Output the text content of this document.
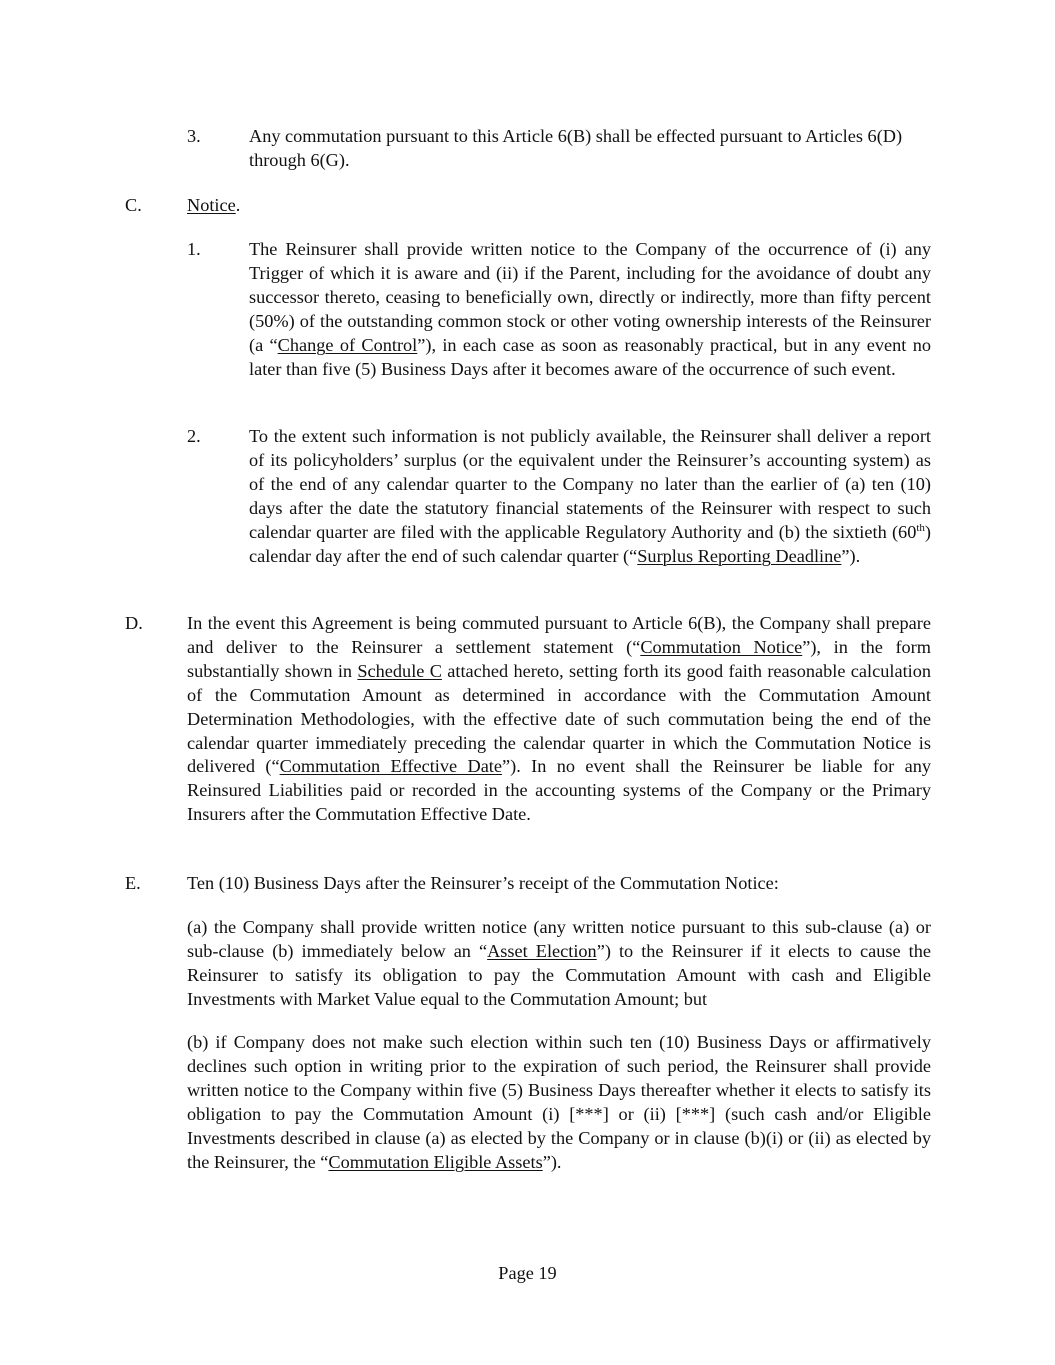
3.	Any commutation pursuant to this Article 6(B) shall be effected pursuant to Articles 6(D) through 6(G).
C. Notice.
1.	The Reinsurer shall provide written notice to the Company of the occurrence of (i) any Trigger of which it is aware and (ii) if the Parent, including for the avoidance of doubt any successor thereto, ceasing to beneficially own, directly or indirectly, more than fifty percent (50%) of the outstanding common stock or other voting ownership interests of the Reinsurer (a “Change of Control”), in each case as soon as reasonably practical, but in any event no later than five (5) Business Days after it becomes aware of the occurrence of such event.
2.	To the extent such information is not publicly available, the Reinsurer shall deliver a report of its policyholders’ surplus (or the equivalent under the Reinsurer’s accounting system) as of the end of any calendar quarter to the Company no later than the earlier of (a) ten (10) days after the date the statutory financial statements of the Reinsurer with respect to such calendar quarter are filed with the applicable Regulatory Authority and (b) the sixtieth (60th) calendar day after the end of such calendar quarter (“Surplus Reporting Deadline”).
D. In the event this Agreement is being commuted pursuant to Article 6(B), the Company shall prepare and deliver to the Reinsurer a settlement statement (“Commutation Notice”), in the form substantially shown in Schedule C attached hereto, setting forth its good faith reasonable calculation of the Commutation Amount as determined in accordance with the Commutation Amount Determination Methodologies, with the effective date of such commutation being the end of the calendar quarter immediately preceding the calendar quarter in which the Commutation Notice is delivered (“Commutation Effective Date”). In no event shall the Reinsurer be liable for any Reinsured Liabilities paid or recorded in the accounting systems of the Company or the Primary Insurers after the Commutation Effective Date.
E.	Ten (10) Business Days after the Reinsurer’s receipt of the Commutation Notice:
(a) the Company shall provide written notice (any written notice pursuant to this sub-clause (a) or sub-clause (b) immediately below an “Asset Election”) to the Reinsurer if it elects to cause the Reinsurer to satisfy its obligation to pay the Commutation Amount with cash and Eligible Investments with Market Value equal to the Commutation Amount; but
(b) if Company does not make such election within such ten (10) Business Days or affirmatively declines such option in writing prior to the expiration of such period, the Reinsurer shall provide written notice to the Company within five (5) Business Days thereafter whether it elects to satisfy its obligation to pay the Commutation Amount (i) [***] or (ii) [***] (such cash and/or Eligible Investments described in clause (a) as elected by the Company or in clause (b)(i) or (ii) as elected by the Reinsurer, the “Commutation Eligible Assets”).
Page 19
